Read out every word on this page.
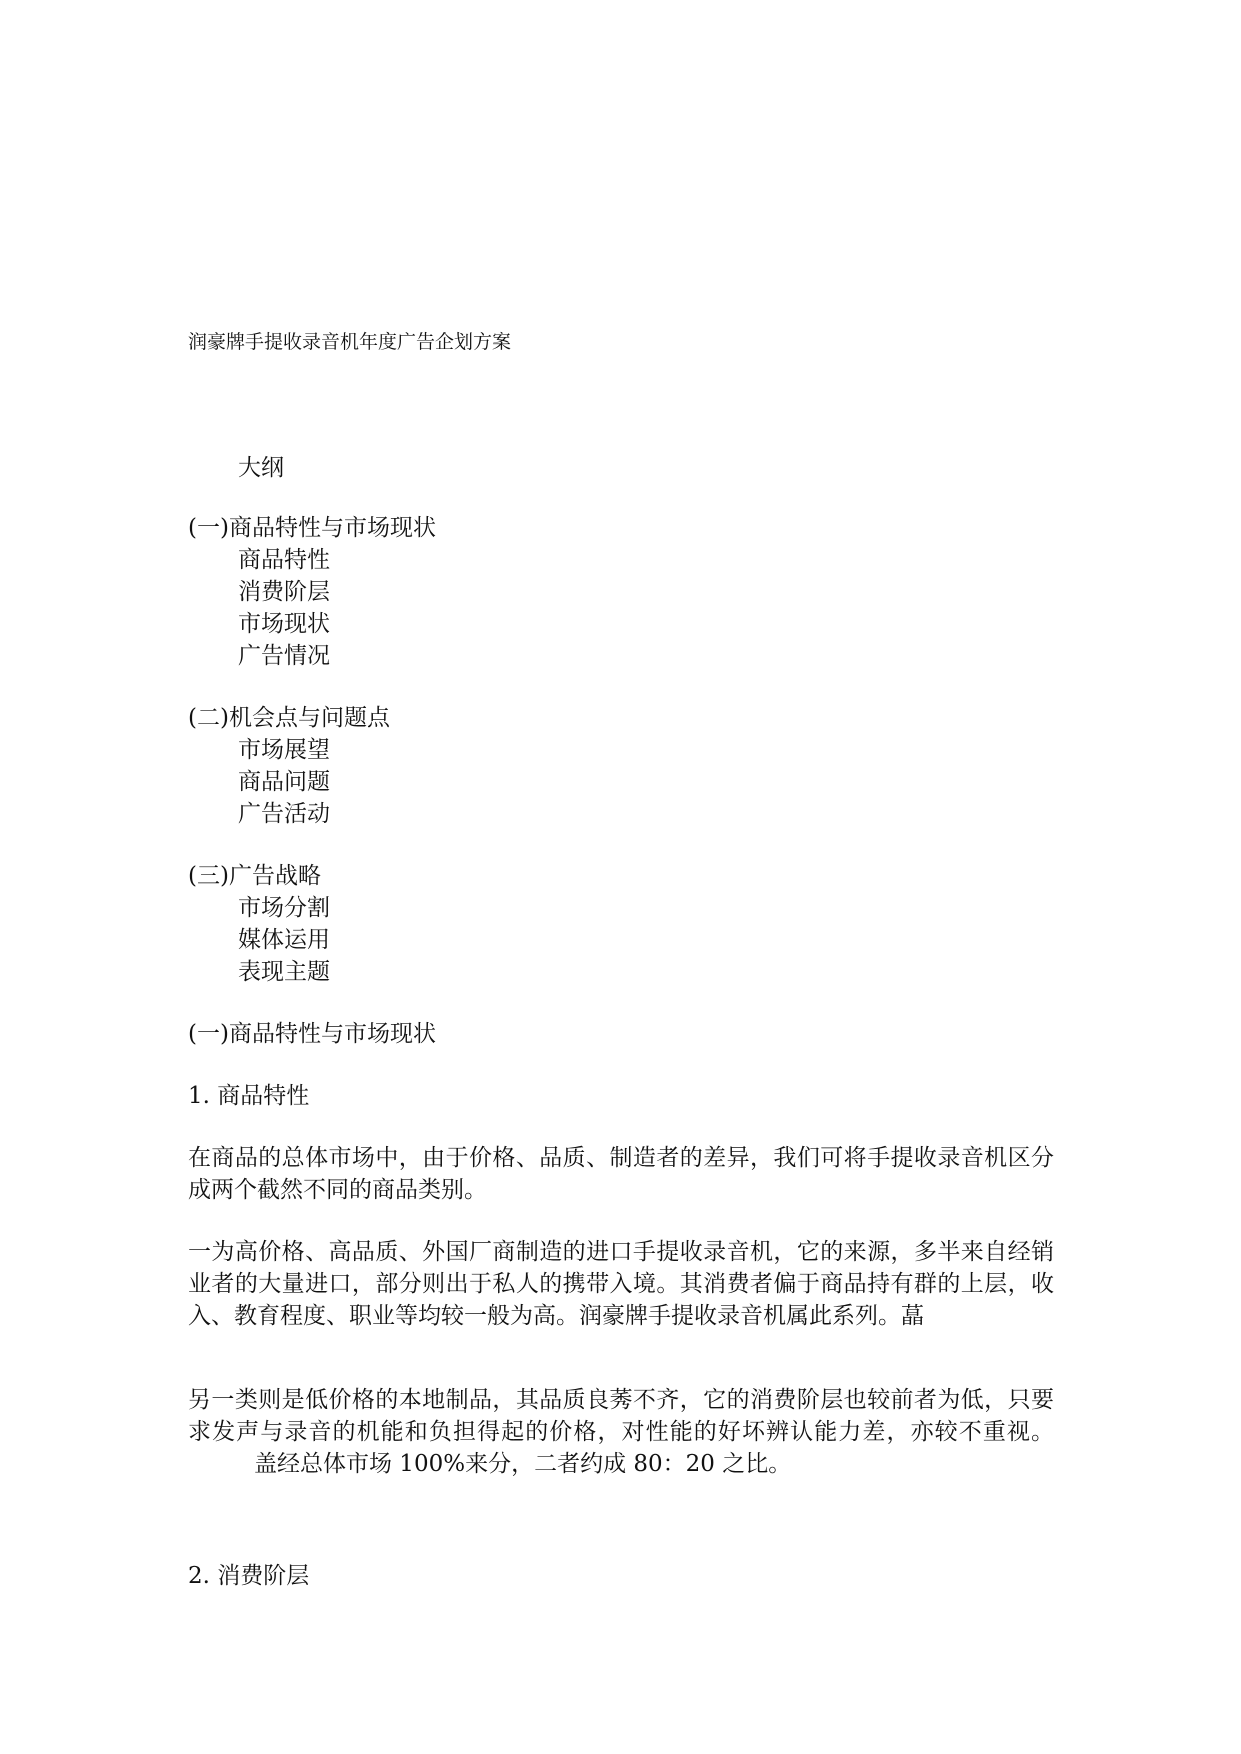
润豪牌手提收录音机年度广告企划方案
大纲
(一)商品特性与市场现状
商品特性
消费阶层
市场现状
广告情况
(二)机会点与问题点
市场展望
商品问题
广告活动
(三)广告战略
市场分割
媒体运用
表现主题
(一)商品特性与市场现状
1. 商品特性
在商品的总体市场中，由于价格、品质、制造者的差异，我们可将手提收录音机区分成两个截然不同的商品类别。
一为高价格、高品质、外国厂商制造的进口手提收录音机，它的来源，多半来自经销业者的大量进口，部分则出于私人的携带入境。其消费者偏于商品持有群的上层，收入、教育程度、职业等均较一般为高。润豪牌手提收录音机属此系列。蕌
另一类则是低价格的本地制品，其品质良莠不齐，它的消费阶层也较前者为低，只要求发声与录音的机能和负担得起的价格，对性能的好坏辨认能力差，亦较不重视。盖经总体市场 100%来分，二者约成 80：20 之比。
2. 消费阶层
